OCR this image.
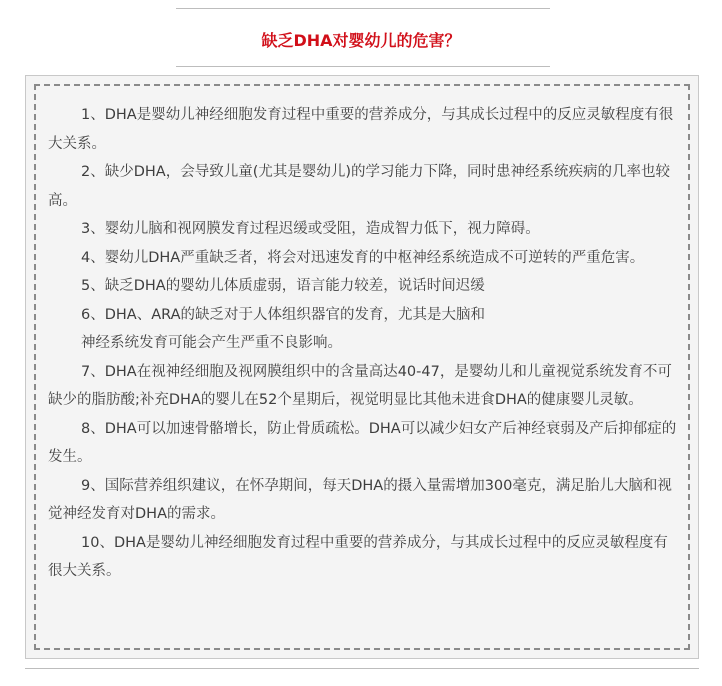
缺乏DHA对婴幼儿的危害？

1、DHA是婴幼儿神经细胞发育过程中重要的营养成分，与其成长过程中的反应灵敏程度有很大关系。

2、缺少DHA，会导致儿童(尤其是婴幼儿)的学习能力下降，同时患神经系统疾病的几率也较高。

3、婴幼儿脑和视网膜发育过程迟缓或受阻，造成智力低下，视力障碍。

4、婴幼儿DHA严重缺乏者，将会对迅速发育的中枢神经系统造成不可逆转的严重危害。

5、缺乏DHA的婴幼儿体质虚弱，语言能力较差，说话时间迟缓

6、DHA、ARA的缺乏对于人体组织器官的发育，尤其是大脑和

神经系统发育可能会产生严重不良影响。

7、DHA在视神经细胞及视网膜组织中的含量高达40-47，是婴幼儿和儿童视觉系统发育不可缺少的脂肪酸;补充DHA的婴儿在52个星期后，视觉明显比其他未进食DHA的健康婴儿灵敏。

8、DHA可以加速骨骼增长，防止骨质疏松。DHA可以减少妇女产后神经衰弱及产后抑郁症的发生。

9、国际营养组织建议，在怀孕期间，每天DHA的摄入量需增加300毫克，满足胎儿大脑和视觉神经发育对DHA的需求。

10、DHA是婴幼儿神经细胞发育过程中重要的营养成分，与其成长过程中的反应灵敏程度有很大关系。
